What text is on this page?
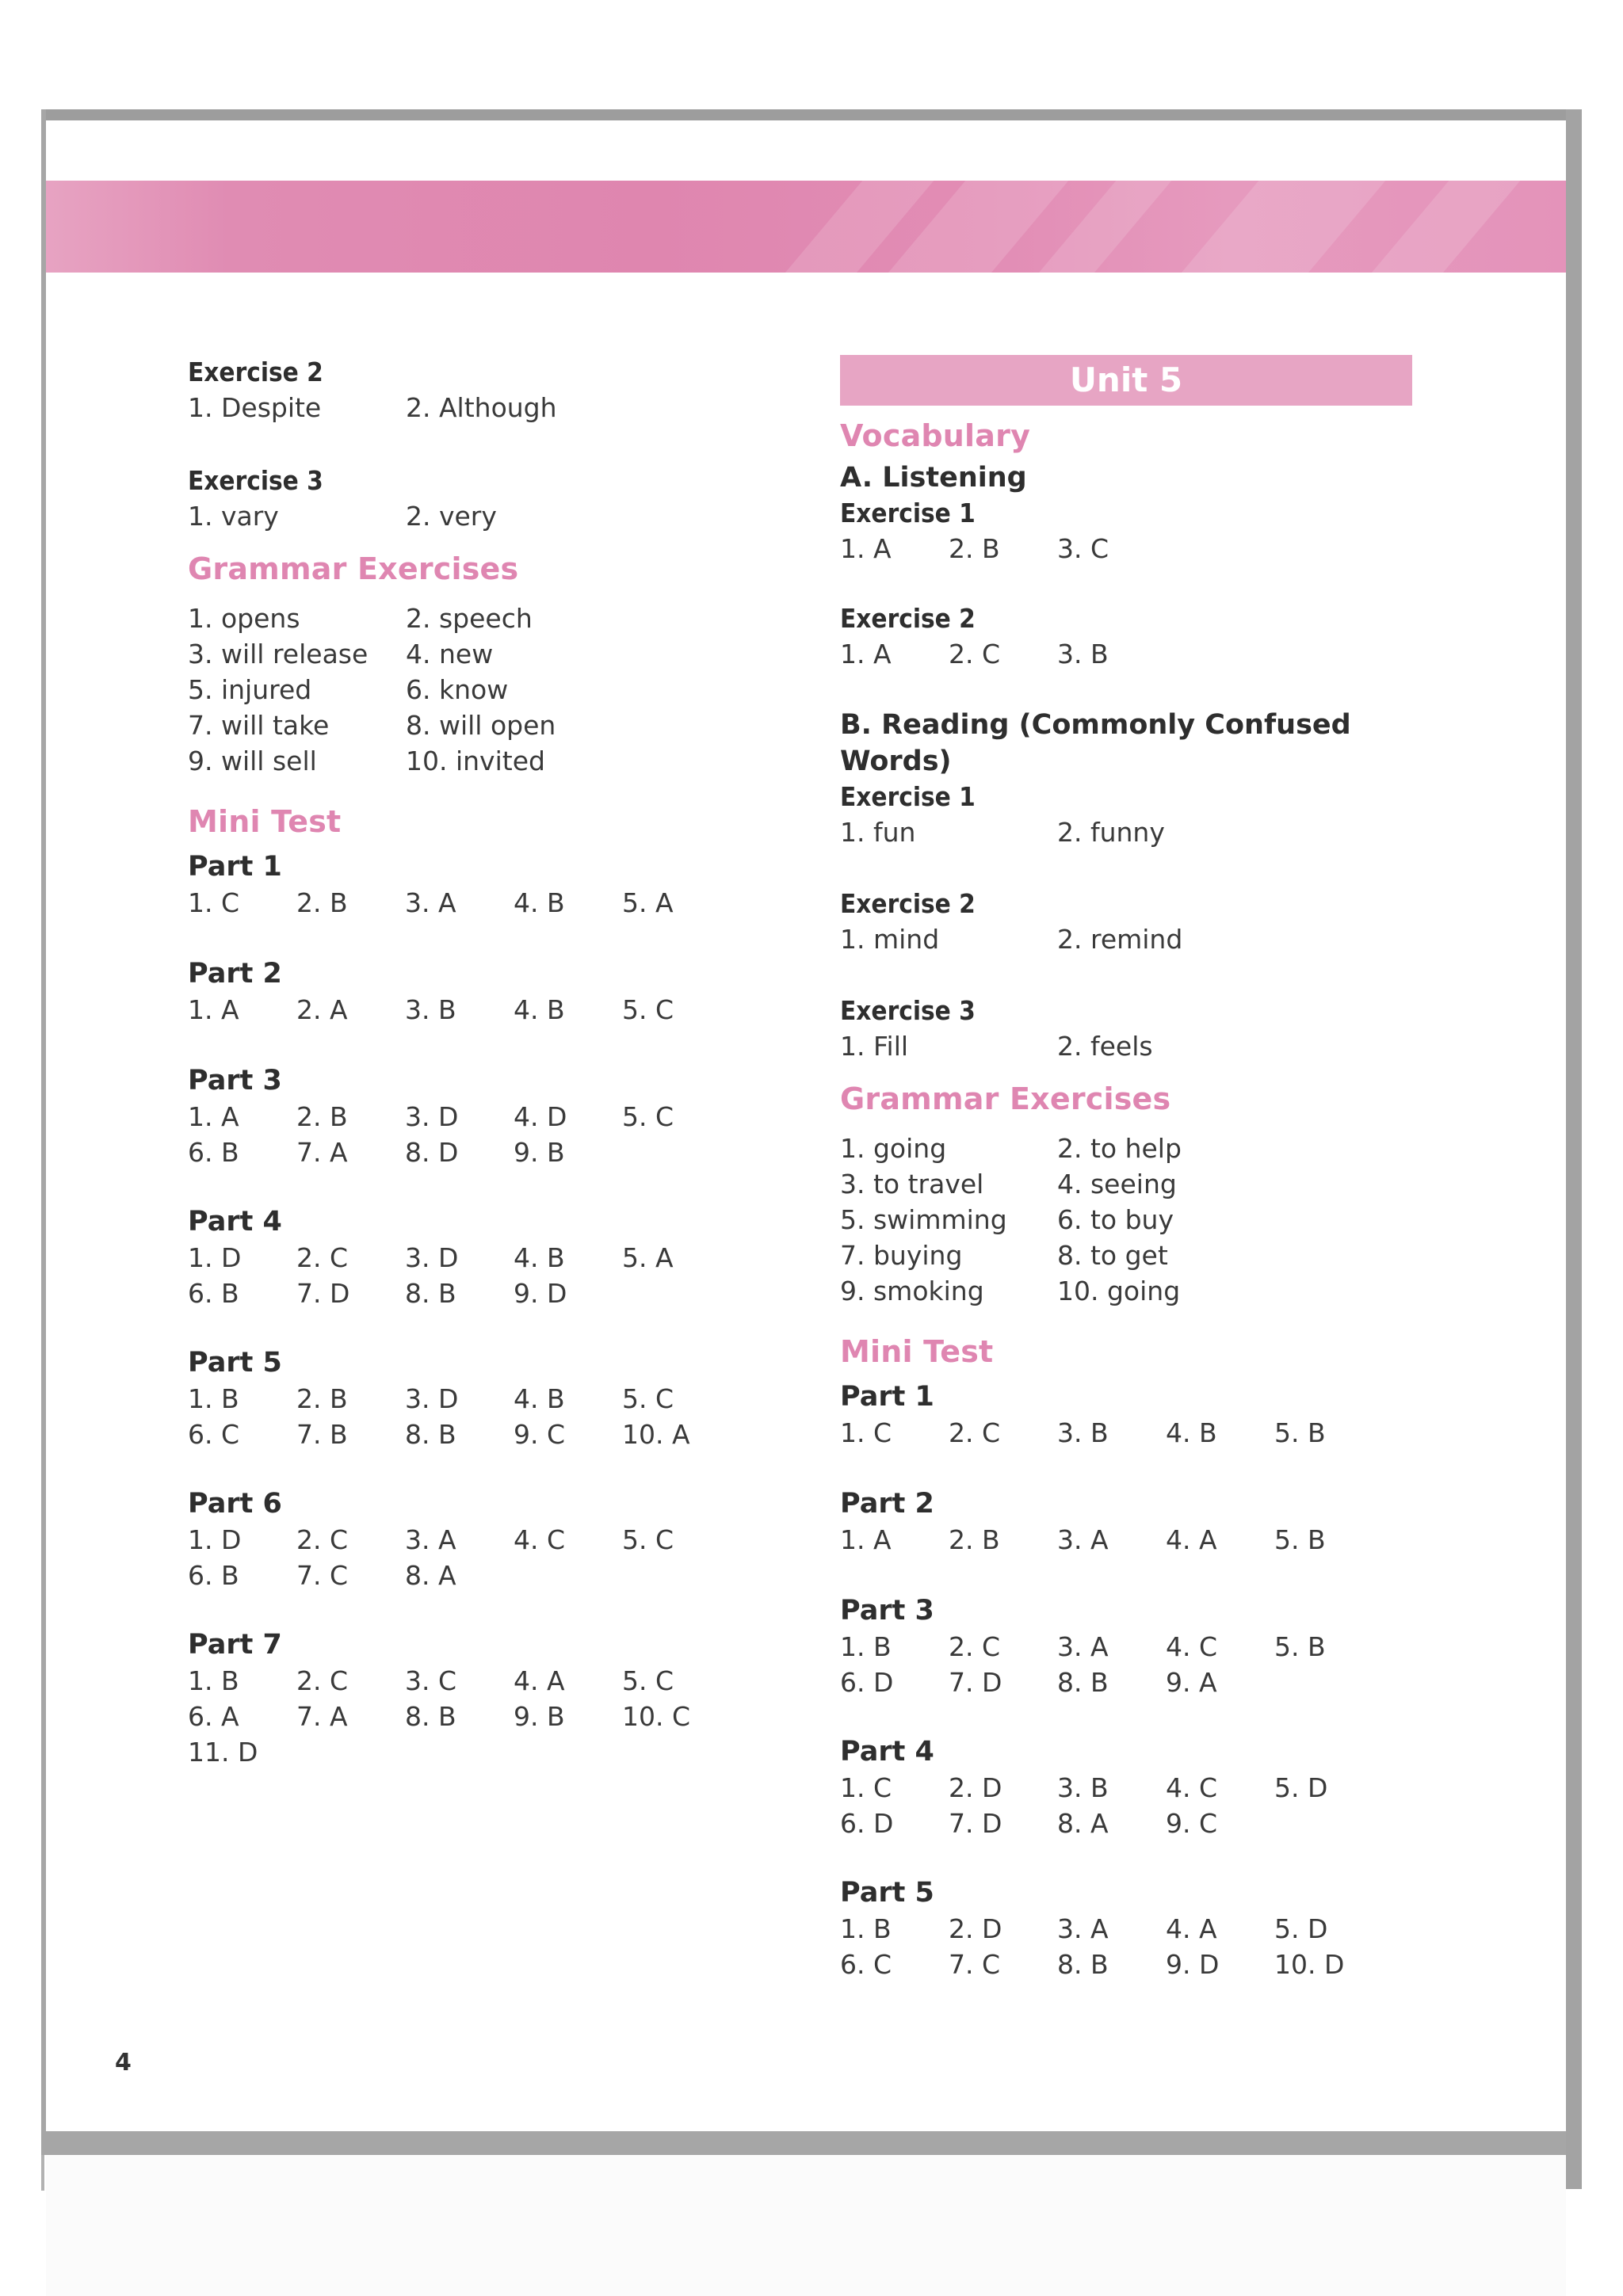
Exercise 2
1. Despite	2. Although
Exercise 3
1. vary	2. very
Grammar Exercises
1. opens	2. speech
3. will release 4. new
5. injured	6. know
7. will take	8. will open
9. will sell	10. invited
Mini Test
Part 1
1. C 2. B 3. A 4. B 5. A
Part 2
1. A 2. A 3. B 4. B 5. C
Part 3
1. A 2. B 3. D 4. D 5. C
6. B 7. A 8. D 9. B
Part 4
1. D 2. C 3. D 4. B 5. A
6. B 7. D 8. B 9. D
Part 5
1. B 2. B 3. D 4. B 5. C
6. C 7. B 8. B 9. C 10. A
Part 6
1. D 2. C 3. A 4. C 5. C
6. B 7. C 8. A
Part 7
1. B 2. C 3. C 4. A 5. C
6. A 7. A 8. B 9. B 10. C
11. D
Unit 5
Vocabulary
A. Listening
Exercise 1
1. A 2. B 3. C
Exercise 2
1. A 2. C 3. B
B. Reading (Commonly Confused Words)
Exercise 1
1. fun	2. funny
Exercise 2
1. mind	2. remind
Exercise 3
1. Fill	2. feels
Grammar Exercises
1. going	2. to help
3. to travel	4. seeing
5. swimming 6. to buy
7. buying	8. to get
9. smoking	10. going
Mini Test
Part 1
1. C 2. C 3. B 4. B 5. B
Part 2
1. A 2. B 3. A 4. A 5. B
Part 3
1. B 2. C 3. A 4. C 5. B
6. D 7. D 8. B 9. A
Part 4
1. C 2. D 3. B 4. C 5. D
6. D 7. D 8. A 9. C
Part 5
1. B 2. D 3. A 4. A 5. D
6. C 7. C 8. B 9. D 10. D
4
